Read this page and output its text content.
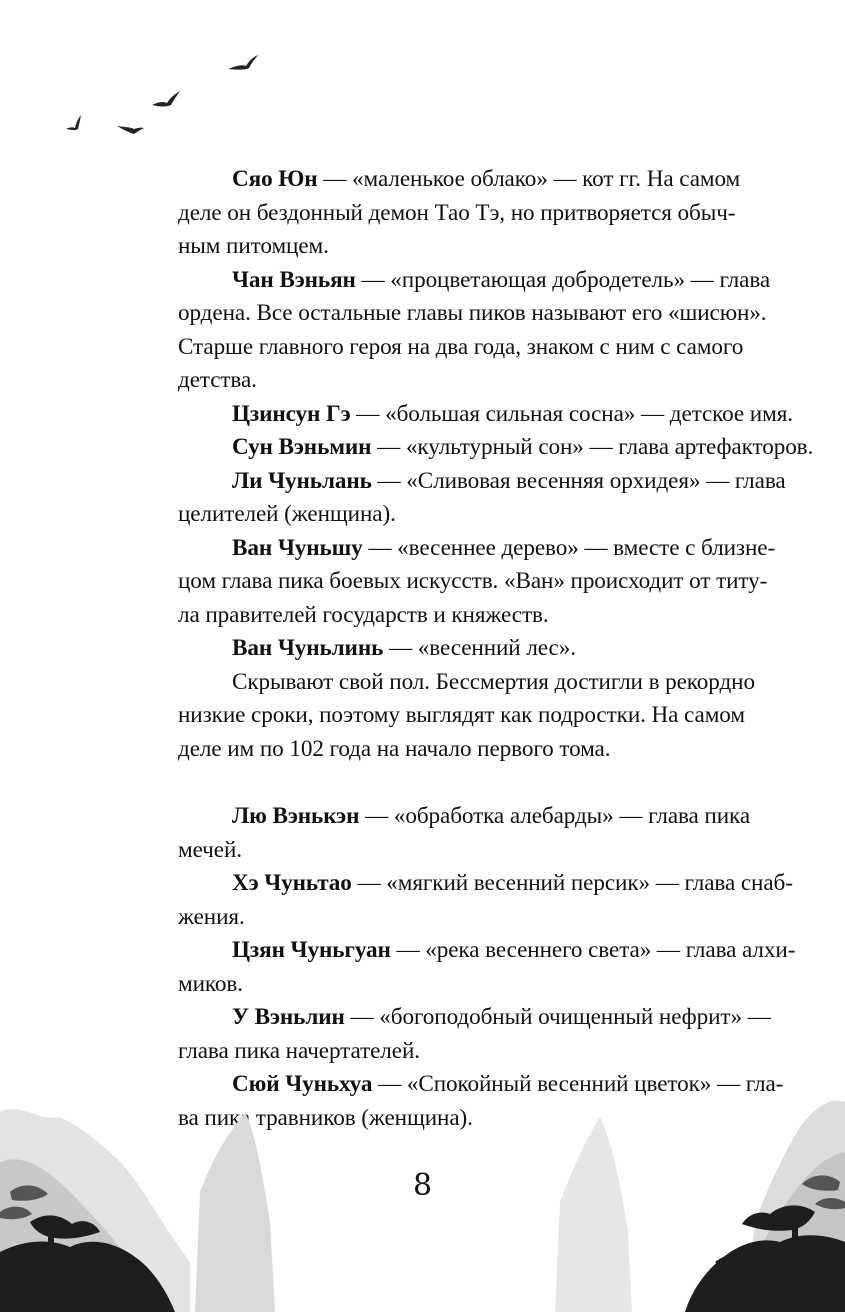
Сяо Юн — «маленькое облако» — кот гг. На самом
деле он бездонный демон Тао Тэ, но притворяется обыч-
ным питомцем.
Чан Вэньян — «процветающая добродетель» — глава
ордена. Все остальные главы пиков называют его «шисюн».
Старше главного героя на два года, знаком с ним с самого
детства.
Цзинсун Гэ — «большая сильная сосна» — детское имя.
Сун Вэньмин — «культурный сон» — глава артефакторов.
Ли Чуньлань — «Сливовая весенняя орхидея» — глава
целителей (женщина).
Ван Чуньшу — «весеннее дерево» — вместе с близне-
цом глава пика боевых искусств. «Ван» происходит от титу-
ла правителей государств и княжеств.
Ван Чуньлинь — «весенний лес».
Скрывают свой пол. Бессмертия достигли в рекордно
низкие сроки, поэтому выглядят как подростки. На самом
деле им по 102 года на начало первого тома.
Лю Вэнькэн — «обработка алебарды» — глава пика
мечей.
Хэ Чуньтао — «мягкий весенний персик» — глава снаб-
жения.
Цзян Чуньгуан — «река весеннего света» — глава алхи-
миков.
У Вэньлин — «богоподобный очищенный нефрит» —
глава пика начертателей.
Сюй Чуньхуа — «Спокойный весенний цветок» — гла-
ва пика травников (женщина).
8
